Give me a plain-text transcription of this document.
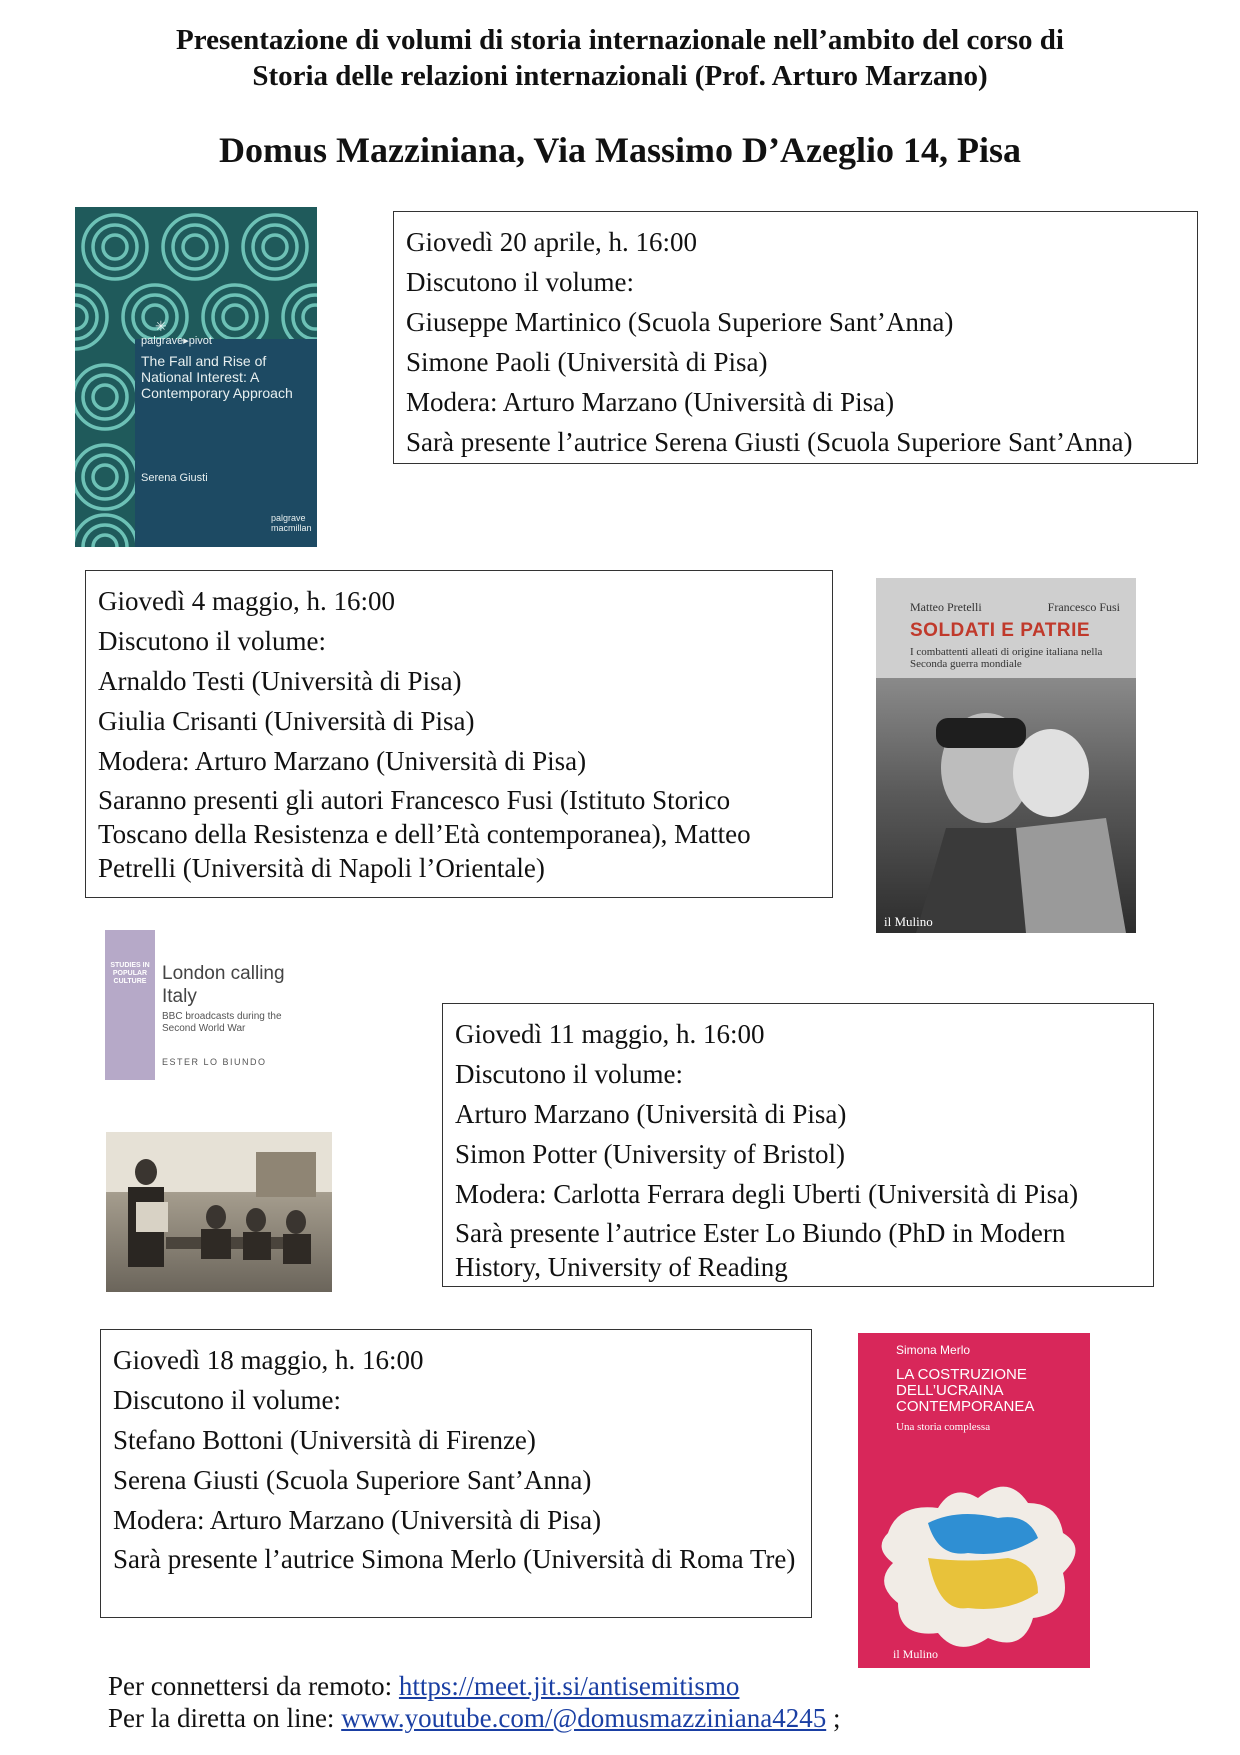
Presentazione di volumi di storia internazionale nell’ambito del corso di
Storia delle relazioni internazionali (Prof. Arturo Marzano)
Domus Mazziniana, Via Massimo D’Azeglio 14, Pisa
✳
palgrave▸pivot
The Fall and Rise of National Interest: A Contemporary Approach
Serena Giusti
palgrave macmillan
Giovedì 20 aprile, h. 16:00
Discutono il volume:
Giuseppe Martinico (Scuola Superiore Sant’Anna)
Simone Paoli (Università di Pisa)
Modera: Arturo Marzano (Università di Pisa)
Sarà presente l’autrice Serena Giusti (Scuola Superiore Sant’Anna)
Giovedì 4 maggio, h. 16:00
Discutono il volume:
Arnaldo Testi (Università di Pisa)
Giulia Crisanti (Università di Pisa)
Modera: Arturo Marzano (Università di Pisa)
Saranno presenti gli autori Francesco Fusi (Istituto Storico Toscano della Resistenza e dell’Età contemporanea), Matteo Petrelli (Università di Napoli l’Orientale)
Matteo Pretelli	Francesco Fusi
SOLDATI E PATRIE
I combattenti alleati di origine italiana nella Seconda guerra mondiale
il Mulino
STUDIES IN POPULAR CULTURE London calling Italy
BBC broadcasts during the Second World War
ESTER LO BIUNDO
Giovedì 11 maggio, h. 16:00
Discutono il volume:
Arturo Marzano (Università di Pisa)
Simon Potter (University of Bristol)
Modera: Carlotta Ferrara degli Uberti (Università di Pisa)
Sarà presente l’autrice Ester Lo Biundo (PhD in Modern History, University of Reading
Giovedì 18 maggio, h. 16:00
Discutono il volume:
Stefano Bottoni (Università di Firenze)
Serena Giusti (Scuola Superiore Sant’Anna)
Modera: Arturo Marzano (Università di Pisa)
Sarà presente l’autrice Simona Merlo (Università di Roma Tre)
Simona Merlo
LA COSTRUZIONE DELL’UCRAINA CONTEMPORANEA
Una storia complessa
il Mulino
Per connettersi da remoto: https://meet.jit.si/antisemitismo
Per la diretta on line: www.youtube.com/@domusmazziniana4245 ;
